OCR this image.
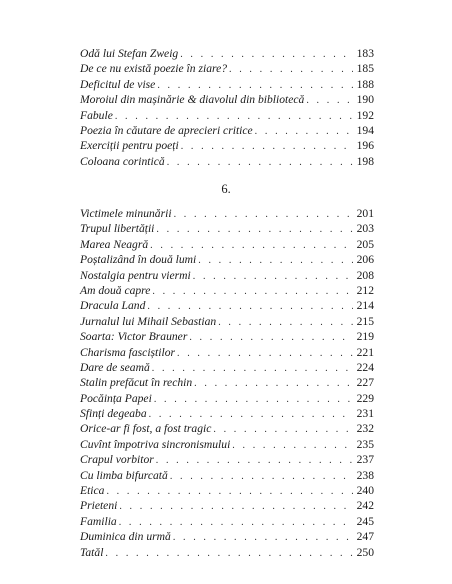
Odă lui Stefan Zweig . . .	183
De ce nu există poezie în ziare? . . .	185
Deficitul de vise . . .	188
Moroiul din mașinărie & diavolul din bibliotecă . . .	190
Fabule . . .	192
Poezia în căutare de aprecieri critice . . .	194
Exerciții pentru poeți . . .	196
Coloana corintică . . .	198
6.
Victimele minunării . . .	201
Trupul libertății . . .	203
Marea Neagră . . .	205
Poștalizând în două lumi . . .	206
Nostalgia pentru viermi . . .	208
Am două capre . . .	212
Dracula Land . . .	214
Jurnalul lui Mihail Sebastian . . .	215
Soarta: Victor Brauner . . .	219
Charisma fasciștilor . . .	221
Dare de seamă . . .	224
Stalin prefăcut în rechin . . .	227
Pocăința Papei . . .	229
Sfinți degeaba . . .	231
Orice-ar fi fost, a fost tragic . . .	232
Cuvînt împotriva sincronismului . . .	235
Crapul vorbitor . . .	237
Cu limba bifurcată . . .	238
Etica . . .	240
Prieteni . . .	242
Familia . . .	245
Duminica din urmă . . .	247
Tatăl . . .	250
